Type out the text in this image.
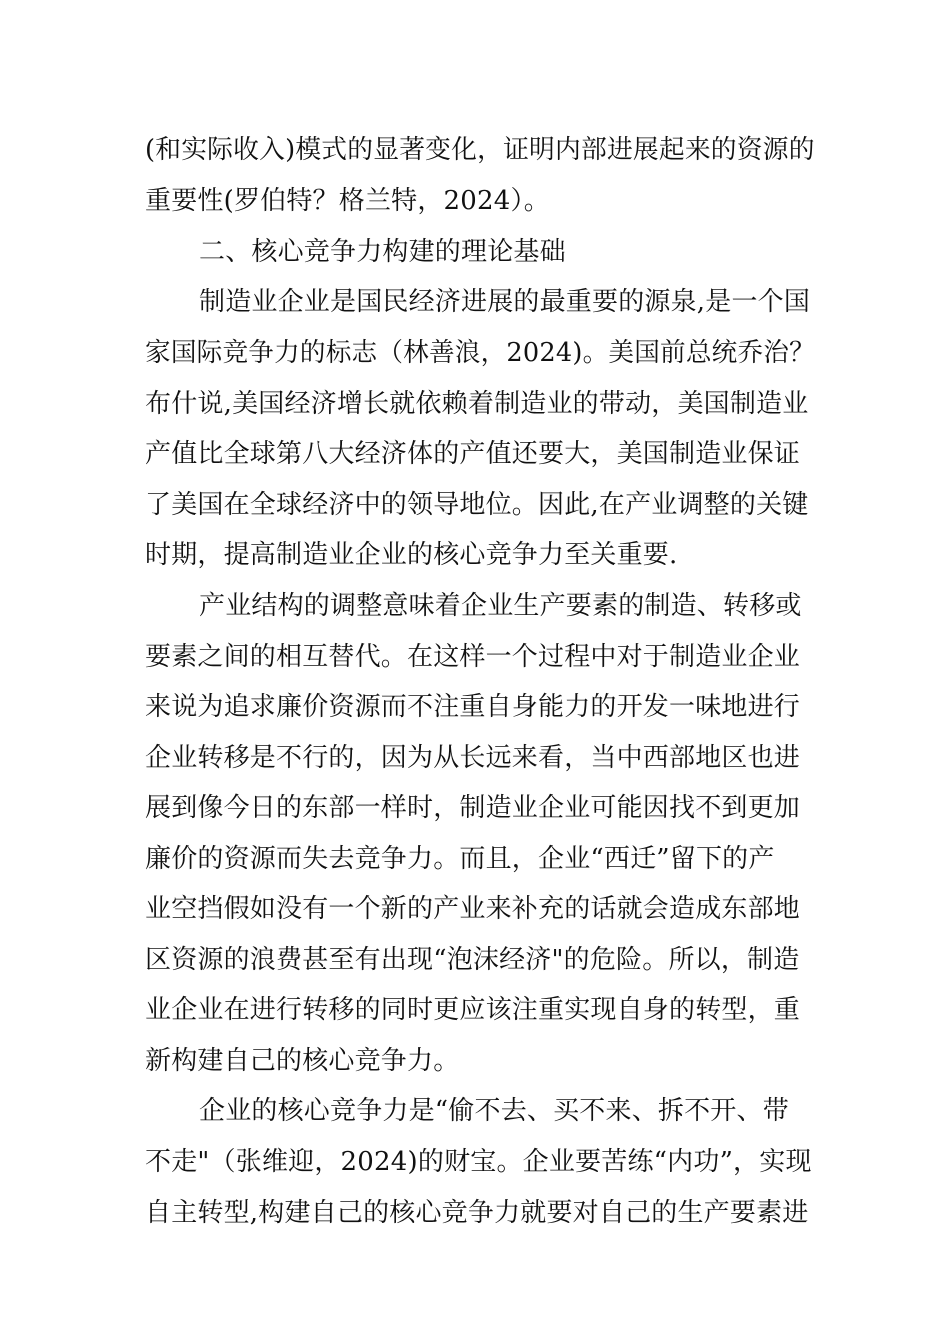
(和实际收入)模式的显著变化，证明内部进展起来的资源的
重要性(罗伯特？格兰特，2024）。
二、核心竞争力构建的理论基础
制造业企业是国民经济进展的最重要的源泉,是一个国
家国际竞争力的标志（林善浪，2024)。美国前总统乔治？
布什说,美国经济增长就依赖着制造业的带动，美国制造业
产值比全球第八大经济体的产值还要大，美国制造业保证
了美国在全球经济中的领导地位。因此,在产业调整的关键
时期，提高制造业企业的核心竞争力至关重要.
产业结构的调整意味着企业生产要素的制造、转移或
要素之间的相互替代。在这样一个过程中对于制造业企业
来说为追求廉价资源而不注重自身能力的开发一味地进行
企业转移是不行的，因为从长远来看，当中西部地区也进
展到像今日的东部一样时，制造业企业可能因找不到更加
廉价的资源而失去竞争力。而且，企业“西迁”留下的产
业空挡假如没有一个新的产业来补充的话就会造成东部地
区资源的浪费甚至有出现“泡沫经济"的危险。所以，制造
业企业在进行转移的同时更应该注重实现自身的转型，重
新构建自己的核心竞争力。
企业的核心竞争力是“偷不去、买不来、拆不开、带
不走"（张维迎，2024)的财宝。企业要苦练“内功”，实现
自主转型,构建自己的核心竞争力就要对自己的生产要素进
